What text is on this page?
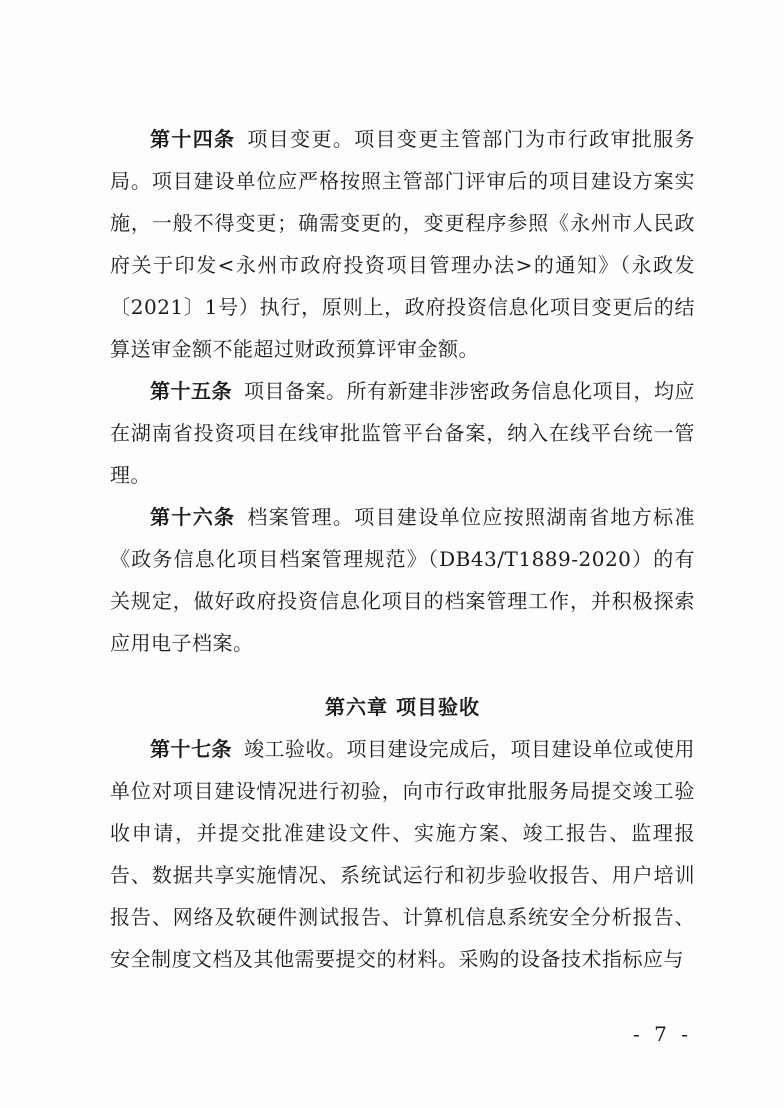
第十四条 项目变更。项目变更主管部门为市行政审批服务局。项目建设单位应严格按照主管部门评审后的项目建设方案实施，一般不得变更；确需变更的，变更程序参照《永州市人民政府关于印发<永州市政府投资项目管理办法>的通知》（永政发〔2021〕1号）执行，原则上，政府投资信息化项目变更后的结算送审金额不能超过财政预算评审金额。

第十五条 项目备案。所有新建非涉密政务信息化项目，均应在湖南省投资项目在线审批监管平台备案，纳入在线平台统一管理。

第十六条 档案管理。项目建设单位应按照湖南省地方标准《政务信息化项目档案管理规范》（DB43/T1889-2020）的有关规定，做好政府投资信息化项目的档案管理工作，并积极探索应用电子档案。

第六章 项目验收

第十七条 竣工验收。项目建设完成后，项目建设单位或使用单位对项目建设情况进行初验，向市行政审批服务局提交竣工验收申请，并提交批准建设文件、实施方案、竣工报告、监理报告、数据共享实施情况、系统试运行和初步验收报告、用户培训报告、网络及软硬件测试报告、计算机信息系统安全分析报告、安全制度文档及其他需要提交的材料。采购的设备技术指标应与

- 7 -
